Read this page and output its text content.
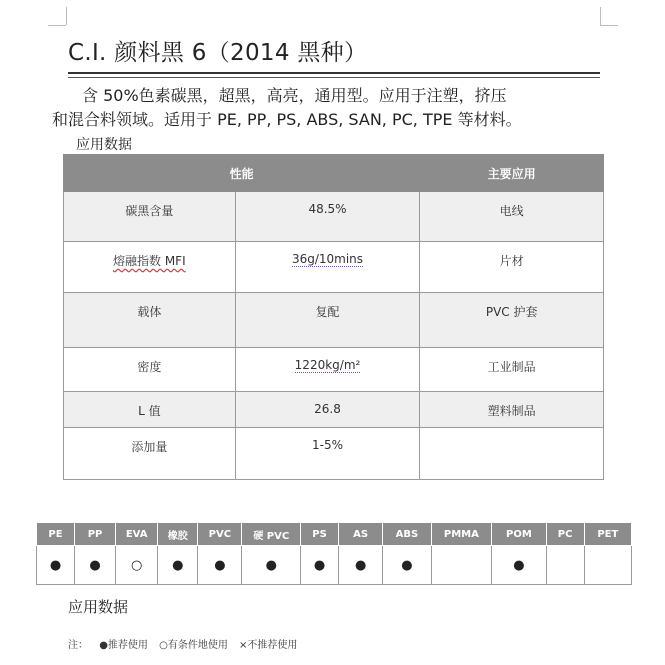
C.I. 颜料黑 6（2014 黑种）
含 50%色素碳黑，超黑，高亮，通用型。应用于注塑，挤压
和混合料领域。适用于 PE, PP, PS, ABS, SAN, PC, TPE 等材料。
应用数据
性能		主要应用
碳黑含量	48.5%	电线
熔融指数 MFI	36g/10mins	片材
载体	复配	PVC 护套
密度	1220kg/m²	工业制品
L 值	26.8	塑料制品
添加量	1-5%	
PE	PP	EVA	橡胶	PVC	硬 PVC	PS	AS	ABS	PMMA	POM	PC	PET
●	●	○	●	●	●	●	●	●		●		
应用数据
注： ●推荐使用 ○有条件地使用 ×不推荐使用
